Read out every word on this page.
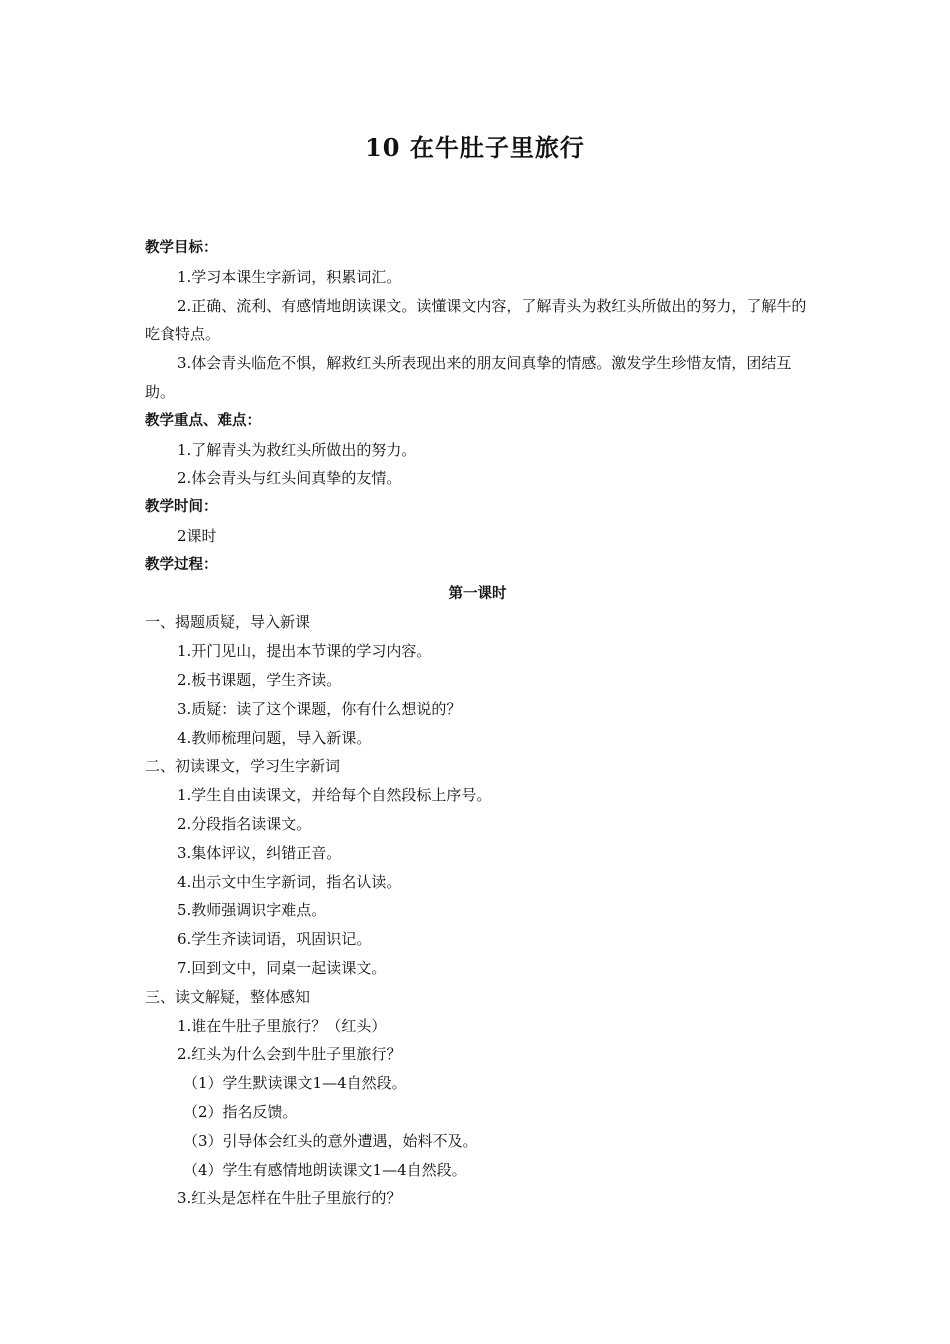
10 在牛肚子里旅行
教学目标：
1.学习本课生字新词，积累词汇。
2.正确、流利、有感情地朗读课文。读懂课文内容，了解青头为救红头所做出的努力，了解牛的吃食特点。
3.体会青头临危不惧，解救红头所表现出来的朋友间真挚的情感。激发学生珍惜友情，团结互助。
教学重点、难点：
1.了解青头为救红头所做出的努力。
2.体会青头与红头间真挚的友情。
教学时间：
2课时
教学过程：
第一课时
一、揭题质疑，导入新课
1.开门见山，提出本节课的学习内容。
2.板书课题，学生齐读。
3.质疑：读了这个课题，你有什么想说的？
4.教师梳理问题，导入新课。
二、初读课文，学习生字新词
1.学生自由读课文，并给每个自然段标上序号。
2.分段指名读课文。
3.集体评议，纠错正音。
4.出示文中生字新词，指名认读。
5.教师强调识字难点。
6.学生齐读词语，巩固识记。
7.回到文中，同桌一起读课文。
三、读文解疑，整体感知
1.谁在牛肚子里旅行？（红头）
2.红头为什么会到牛肚子里旅行？
（1）学生默读课文1—4自然段。
（2）指名反馈。
（3）引导体会红头的意外遭遇，始料不及。
（4）学生有感情地朗读课文1—4自然段。
3.红头是怎样在牛肚子里旅行的？
